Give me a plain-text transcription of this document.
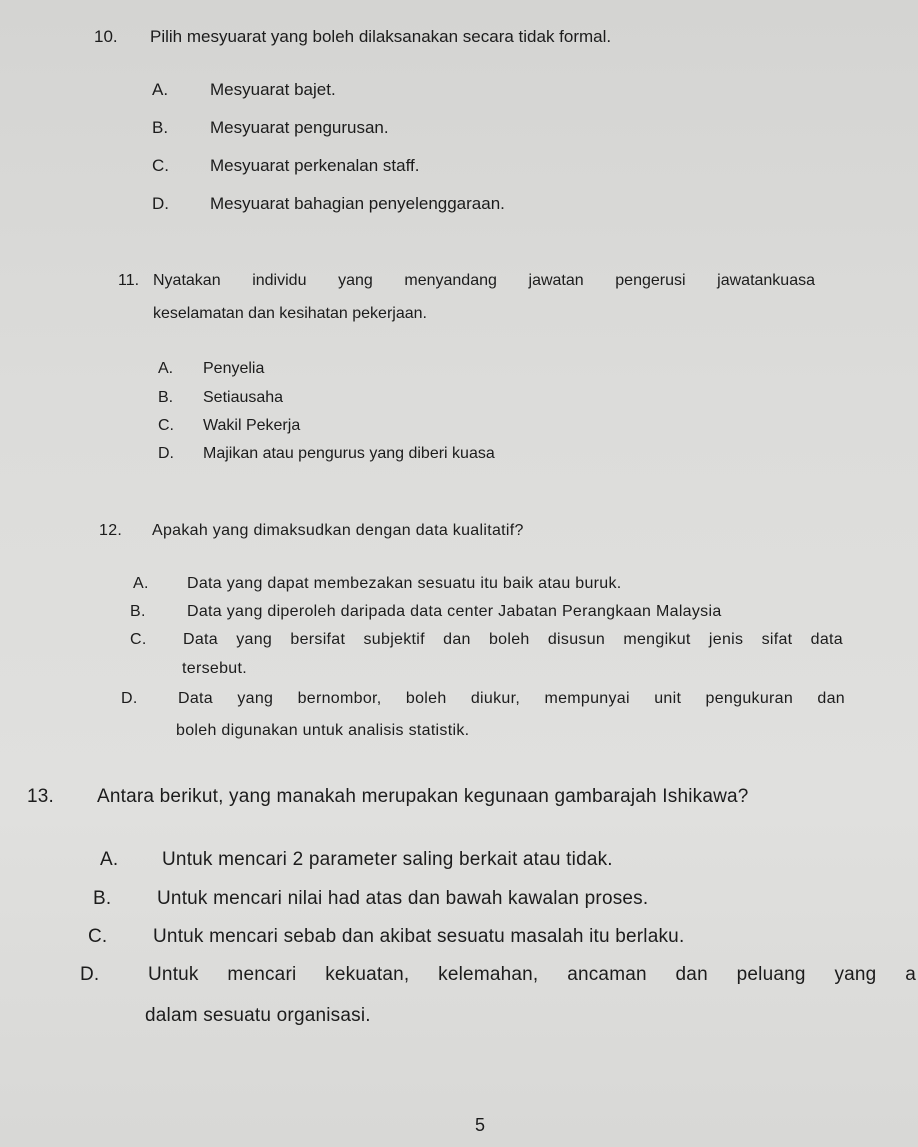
10. Pilih mesyuarat yang boleh dilaksanakan secara tidak formal.
A. Mesyuarat bajet.
B. Mesyuarat pengurusan.
C. Mesyuarat perkenalan staff.
D. Mesyuarat bahagian penyelenggaraan.
11. Nyatakan individu yang menyandang jawatan pengerusi jawatankuasa
keselamatan dan kesihatan pekerjaan.
A. Penyelia
B. Setiausaha
C. Wakil Pekerja
D. Majikan atau pengurus yang diberi kuasa
12. Apakah yang dimaksudkan dengan data kualitatif?
A. Data yang dapat membezakan sesuatu itu baik atau buruk.
B.	Data yang diperoleh daripada data center Jabatan Perangkaan Malaysia
C. Data yang bersifat subjektif dan boleh disusun mengikut jenis sifat data
tersebut.
D.	Data yang bernombor, boleh diukur, mempunyai unit pengukuran dan
boleh digunakan untuk analisis statistik.
13. Antara berikut, yang manakah merupakan kegunaan gambarajah Ishikawa?
A. Untuk mencari 2 parameter saling berkait atau tidak.
B. Untuk mencari nilai had atas dan bawah kawalan proses.
C. Untuk mencari sebab dan akibat sesuatu masalah itu berlaku.
D.	Untuk mencari kekuatan, kelemahan, ancaman dan peluang yang a
dalam sesuatu organisasi.
5
